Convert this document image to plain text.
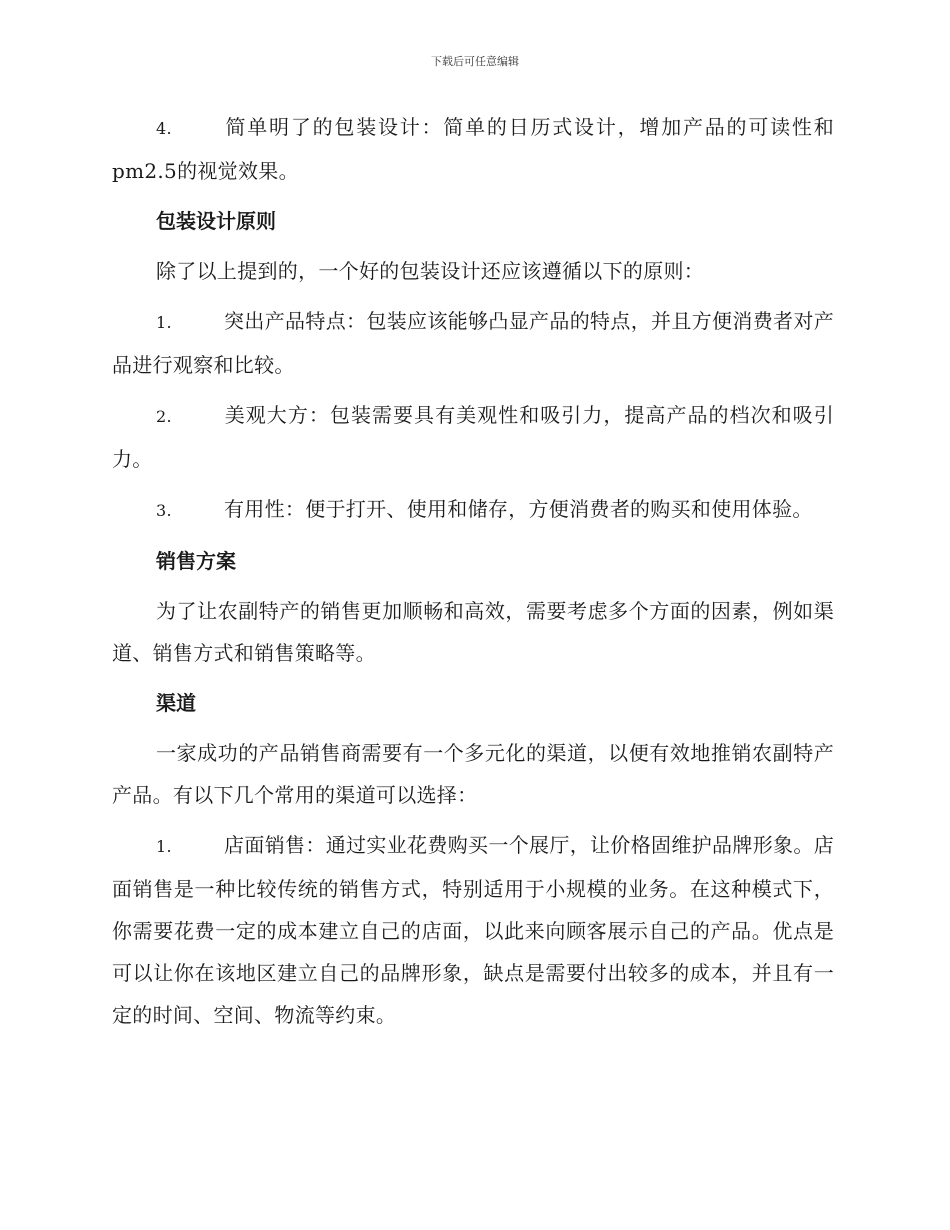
下载后可任意编辑

4.	简单明了的包装设计：简单的日历式设计，增加产品的可读性和pm2.5的视觉效果。

包装设计原则

除了以上提到的，一个好的包装设计还应该遵循以下的原则：

1.	突出产品特点：包装应该能够凸显产品的特点，并且方便消费者对产品进行观察和比较。

2.	美观大方：包装需要具有美观性和吸引力，提高产品的档次和吸引力。

3.	有用性：便于打开、使用和储存，方便消费者的购买和使用体验。

销售方案

为了让农副特产的销售更加顺畅和高效，需要考虑多个方面的因素，例如渠道、销售方式和销售策略等。

渠道

一家成功的产品销售商需要有一个多元化的渠道，以便有效地推销农副特产产品。有以下几个常用的渠道可以选择：

1.	店面销售：通过实业花费购买一个展厅，让价格固维护品牌形象。店面销售是一种比较传统的销售方式，特别适用于小规模的业务。在这种模式下，你需要花费一定的成本建立自己的店面，以此来向顾客展示自己的产品。优点是可以让你在该地区建立自己的品牌形象，缺点是需要付出较多的成本，并且有一定的时间、空间、物流等约束。
